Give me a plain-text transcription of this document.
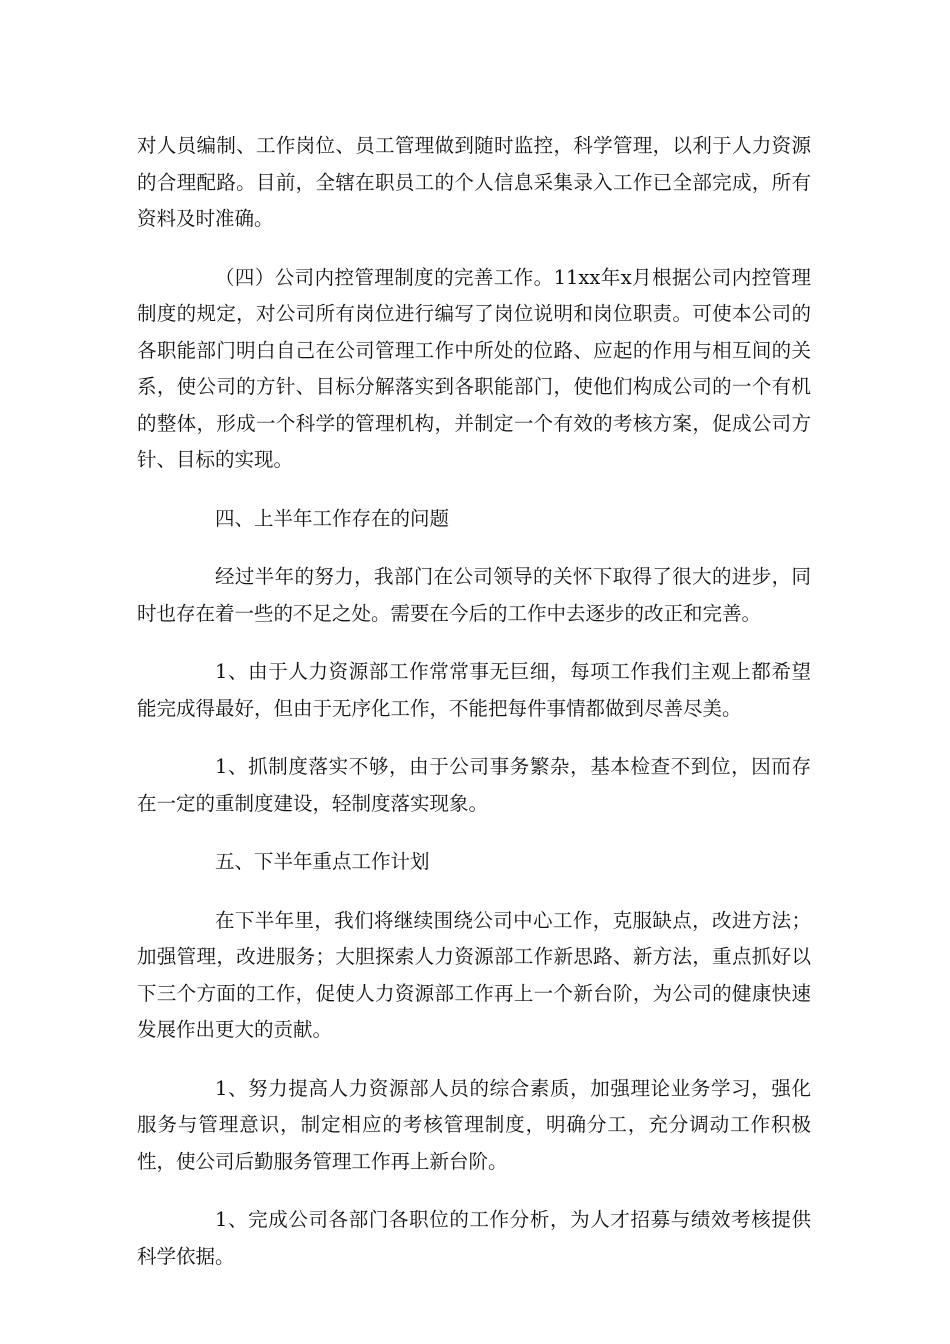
对人员编制、工作岗位、员工管理做到随时监控，科学管理，以利于人力资源的合理配路。目前，全辖在职员工的个人信息采集录入工作已全部完成，所有资料及时准确。

（四）公司内控管理制度的完善工作。11xx年x月根据公司内控管理制度的规定，对公司所有岗位进行编写了岗位说明和岗位职责。可使本公司的各职能部门明白自己在公司管理工作中所处的位路、应起的作用与相互间的关系，使公司的方针、目标分解落实到各职能部门，使他们构成公司的一个有机的整体，形成一个科学的管理机构，并制定一个有效的考核方案，促成公司方针、目标的实现。

四、上半年工作存在的问题

经过半年的努力，我部门在公司领导的关怀下取得了很大的进步，同时也存在着一些的不足之处。需要在今后的工作中去逐步的改正和完善。

1、由于人力资源部工作常常事无巨细，每项工作我们主观上都希望能完成得最好，但由于无序化工作，不能把每件事情都做到尽善尽美。

1、抓制度落实不够，由于公司事务繁杂，基本检查不到位，因而存在一定的重制度建设，轻制度落实现象。

五、下半年重点工作计划

在下半年里，我们将继续围绕公司中心工作，克服缺点，改进方法；加强管理，改进服务；大胆探索人力资源部工作新思路、新方法，重点抓好以下三个方面的工作，促使人力资源部工作再上一个新台阶，为公司的健康快速发展作出更大的贡献。

1、努力提高人力资源部人员的综合素质，加强理论业务学习，强化服务与管理意识，制定相应的考核管理制度，明确分工，充分调动工作积极性，使公司后勤服务管理工作再上新台阶。

1、完成公司各部门各职位的工作分析，为人才招募与绩效考核提供科学依据。
